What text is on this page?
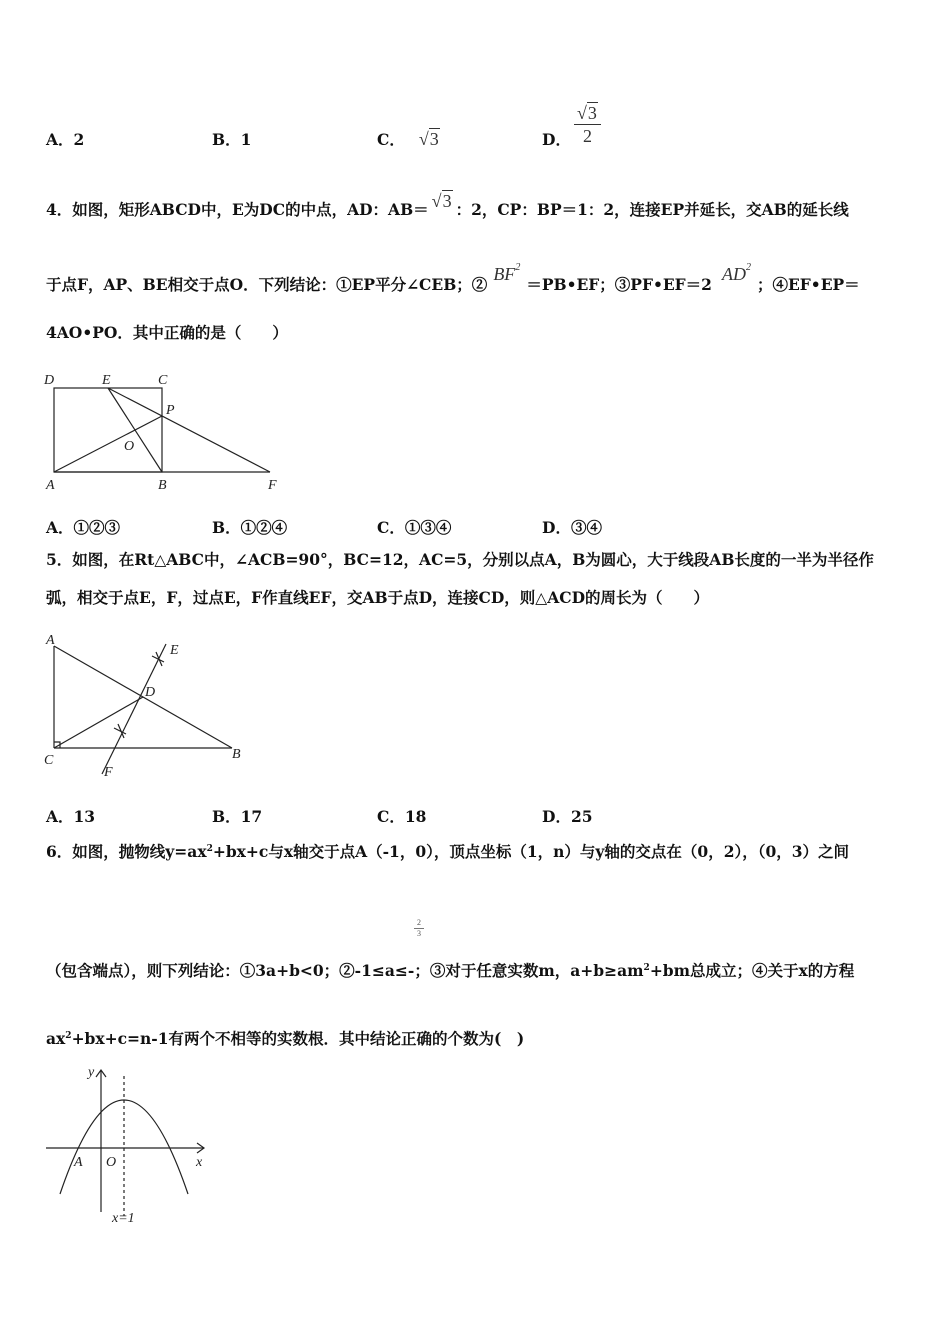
A．2	B．1	C． √3	D． $\frac{√3}{2}$
4．如图，矩形ABCD中，E为DC的中点，AD：AB＝ √3 ：2，CP：BP＝1：2，连接EP并延长，交AB的延长线
于点F，AP、BE相交于点O．下列结论：①EP平分∠CEB；$②BF^2=PB•EF$；$③PF•EF=2AD^2$；④EF•EP＝
4AO•PO．其中正确的是（　　）
D	E	C
P
O
A	B	F
A．①②③	B．①②④	C．①③④	D．③④
5．如图，在Rt△ABC中，∠ACB=90°，BC=12，AC=5，分别以点A，B为圆心，大于线段AB长度的一半为半径作
弧，相交于点E，F，过点E，F作直线EF，交AB于点D，连接CD，则△ACD的周长为（　　）
A
E
D
C	B
F
A．13	B．17	C．18	D．25
6．如图，抛物线$y=ax^2+bx+c$与x轴交于点A（-1，0），顶点坐标（1，n）与y轴的交点在（0，2），（0，3）之间
$\frac{2}{3}$
（包含端点），则下列结论：①3a+b<0；②-1≤a≤-；③对于任意实数m，$a+b\ge am^2+bm$总成立；④关于x的方程
$ax^2+bx+c=n-1$有两个不相等的实数根．其中结论正确的个数为(　)
y
A O	x
x=1
